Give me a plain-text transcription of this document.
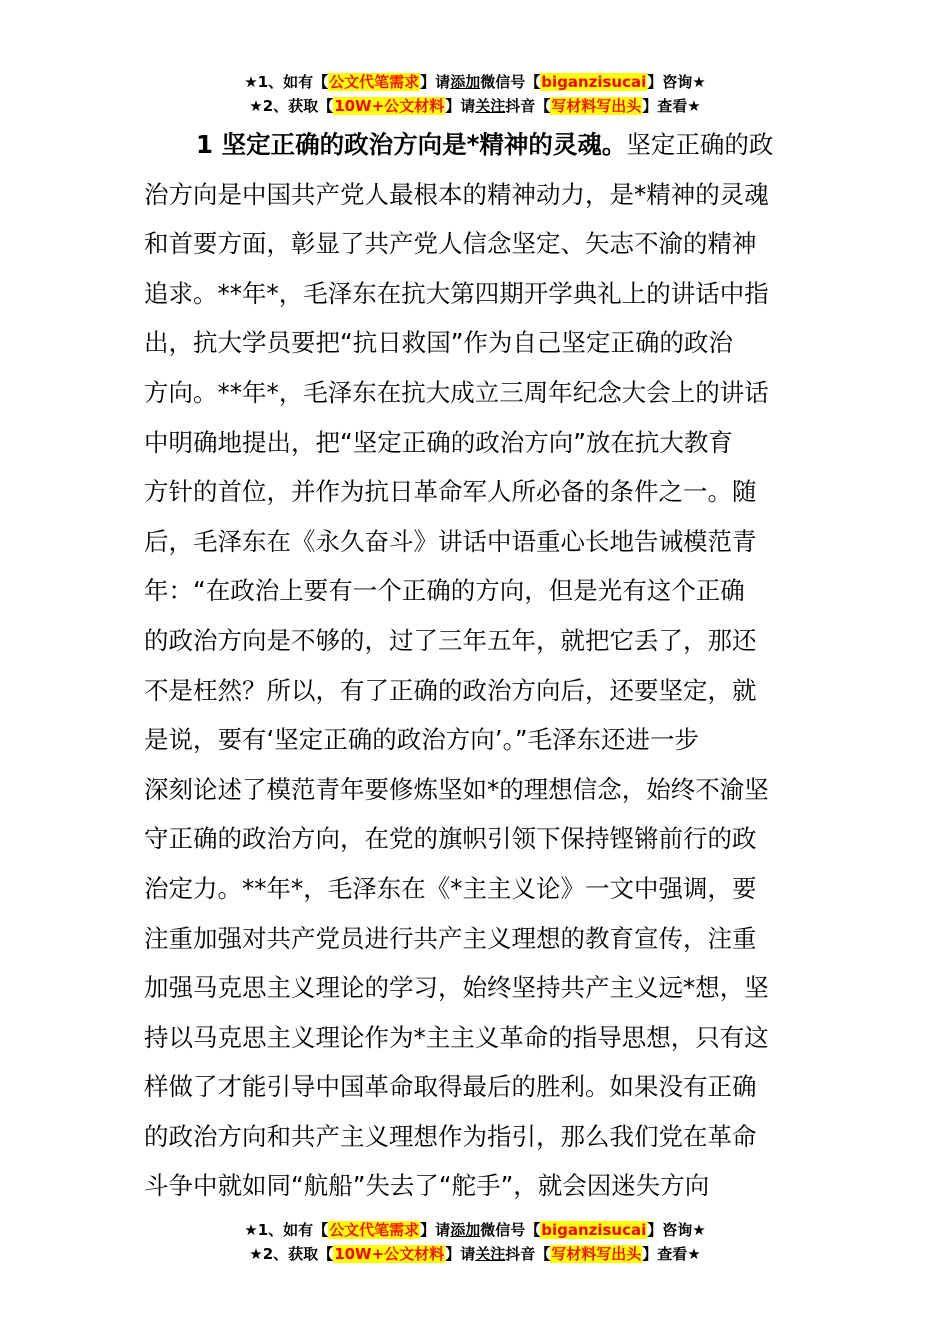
★1、如有【公文代笔需求】请添加微信号【biganzisucai】咨询★
★2、获取【10W+公文材料】请关注抖音【写材料写出头】查看★

1 坚定正确的政治方向是*精神的灵魂。坚定正确的政

治方向是中国共产党人最根本的精神动力，是*精神的灵魂

和首要方面，彰显了共产党人信念坚定、矢志不渝的精神

追求。**年*，毛泽东在抗大第四期开学典礼上的讲话中指

出，抗大学员要把“抗日救国”作为自己坚定正确的政治

方向。**年*，毛泽东在抗大成立三周年纪念大会上的讲话

中明确地提出，把“坚定正确的政治方向”放在抗大教育

方针的首位，并作为抗日革命军人所必备的条件之一。随

后，毛泽东在《永久奋斗》讲话中语重心长地告诫模范青

年：“在政治上要有一个正确的方向，但是光有这个正确

的政治方向是不够的，过了三年五年，就把它丢了，那还

不是枉然？所以，有了正确的政治方向后，还要坚定，就

是说，要有‘坚定正确的政治方向’。”毛泽东还进一步

深刻论述了模范青年要修炼坚如*的理想信念，始终不渝坚

守正确的政治方向，在党的旗帜引领下保持铿锵前行的政

治定力。**年*，毛泽东在《*主主义论》一文中强调，要

注重加强对共产党员进行共产主义理想的教育宣传，注重

加强马克思主义理论的学习，始终坚持共产主义远*想，坚

持以马克思主义理论作为*主主义革命的指导思想，只有这

样做了才能引导中国革命取得最后的胜利。如果没有正确

的政治方向和共产主义理想作为指引，那么我们党在革命

斗争中就如同“航船”失去了“舵手”，就会因迷失方向

★1、如有【公文代笔需求】请添加微信号【biganzisucai】咨询★
★2、获取【10W+公文材料】请关注抖音【写材料写出头】查看★
